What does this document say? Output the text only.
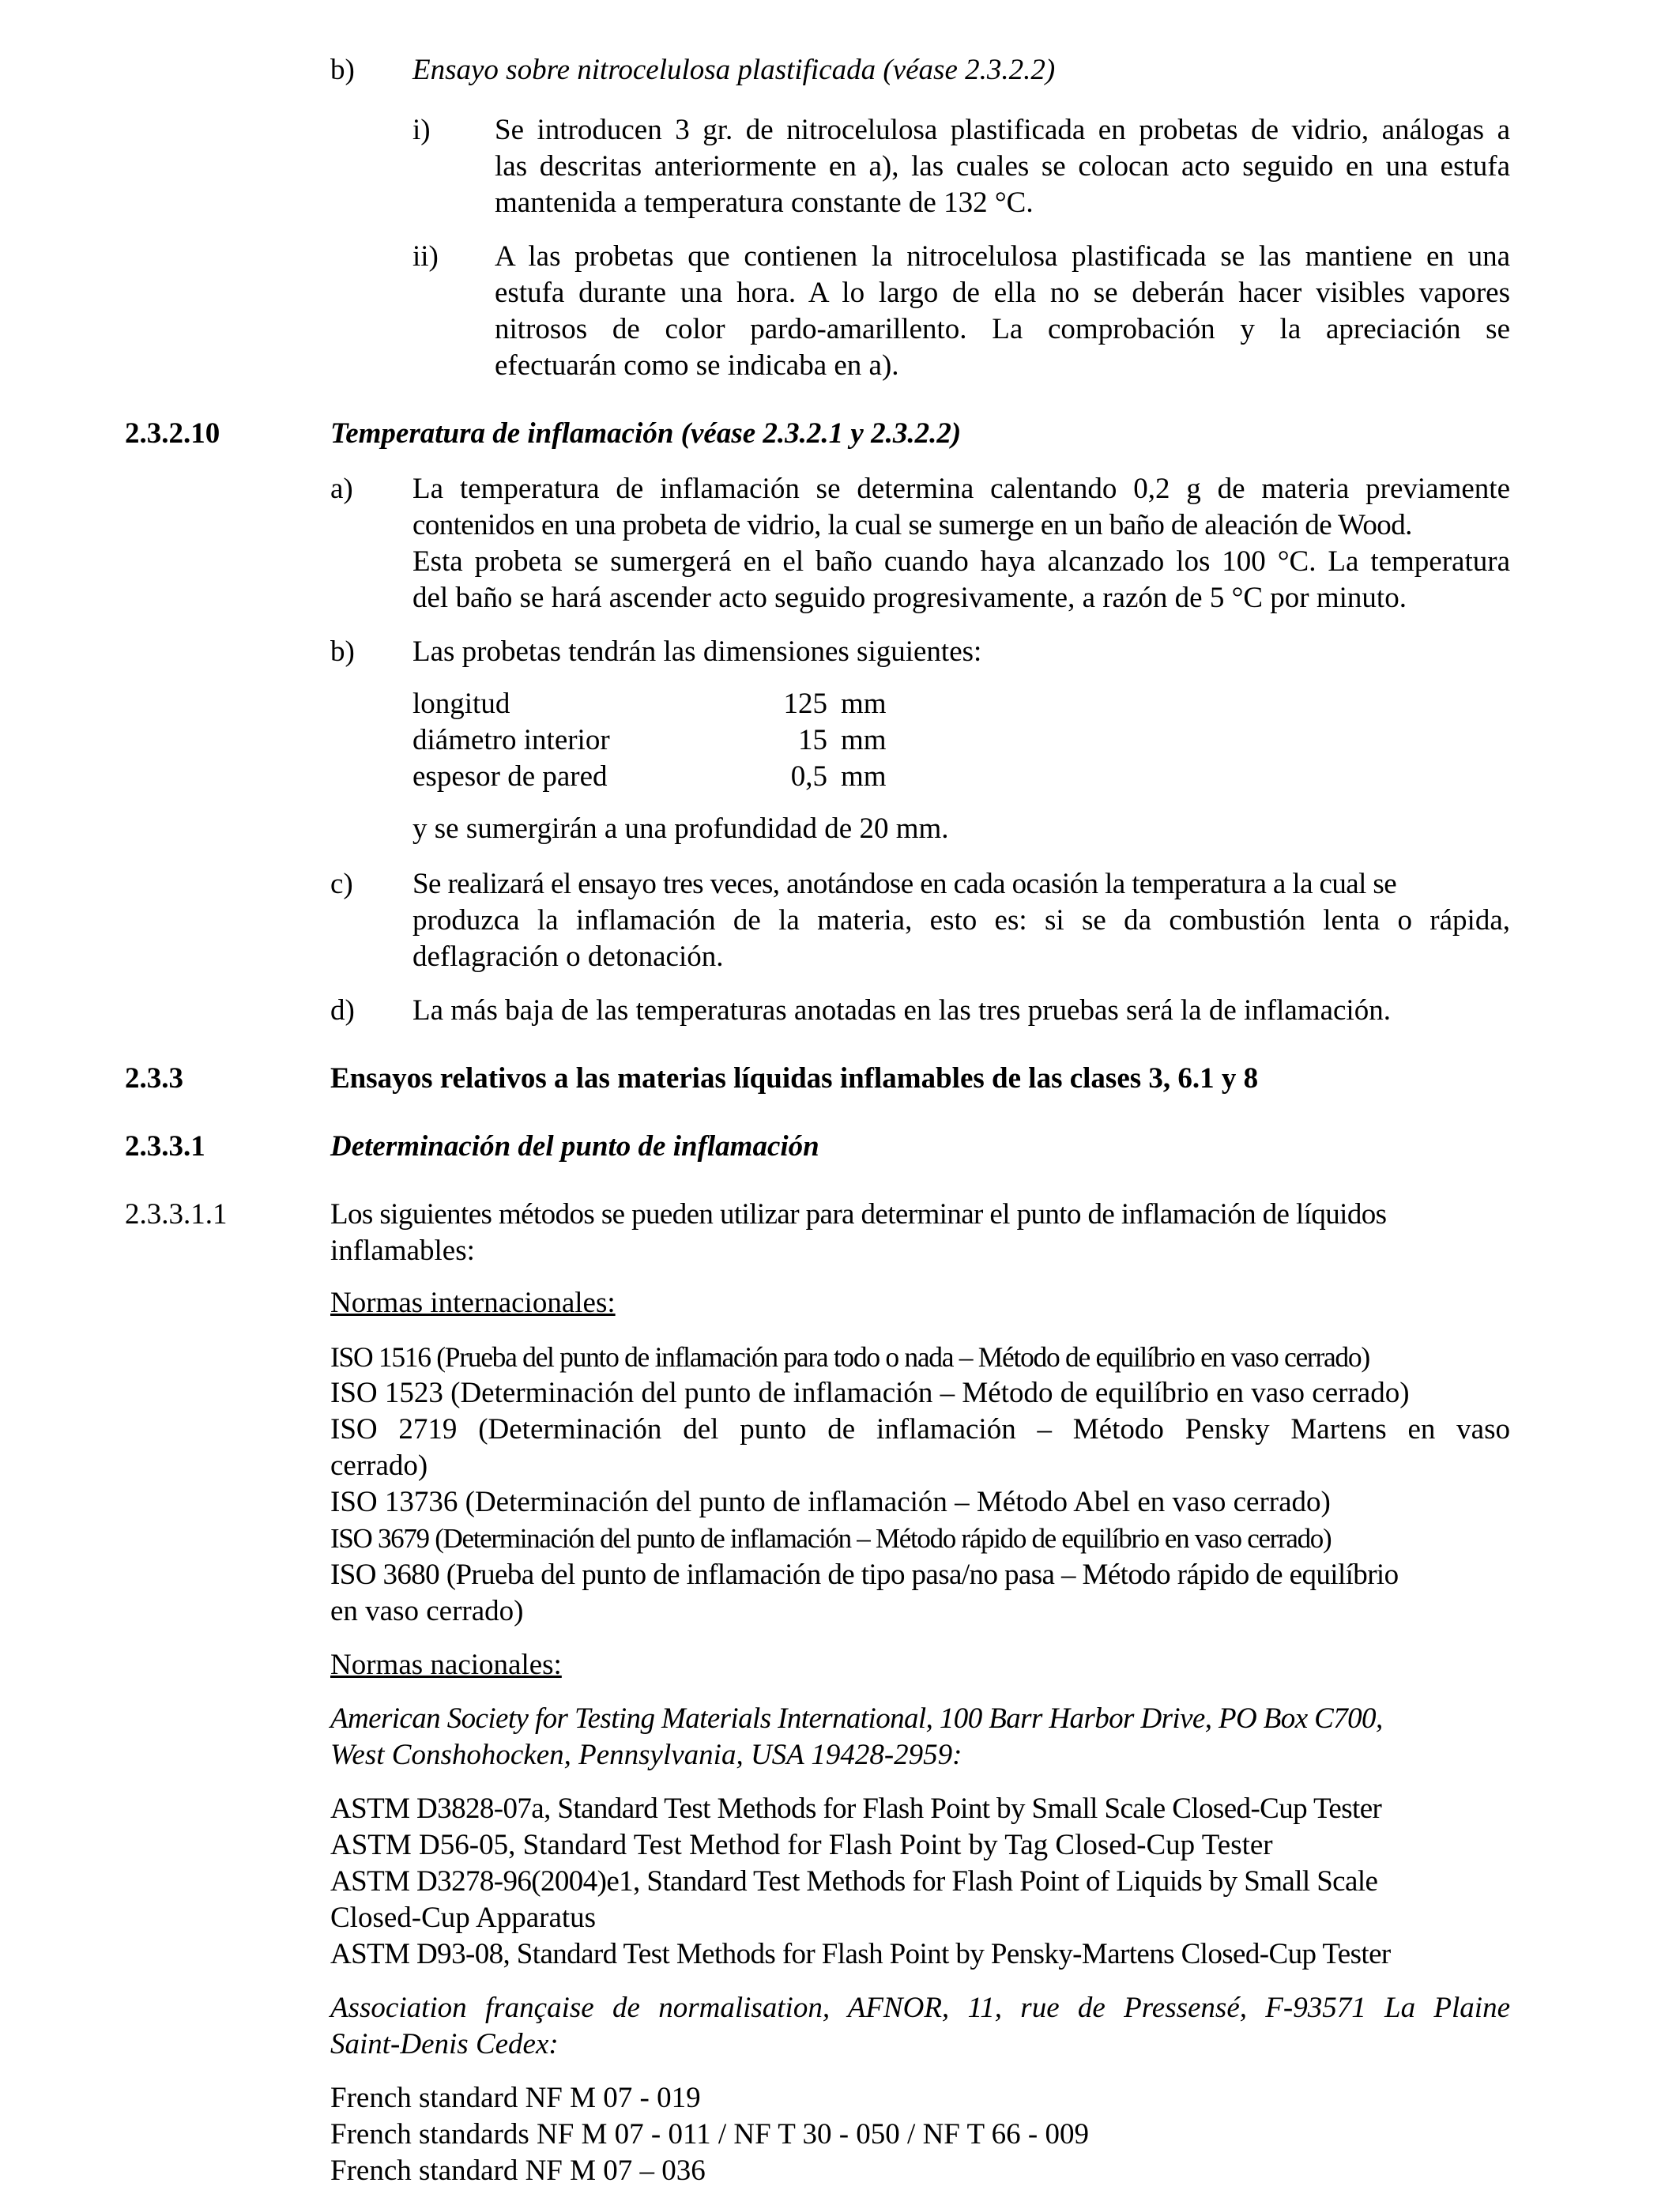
b) Ensayo sobre nitrocelulosa plastificada (véase 2.3.2.2)
i) Se introducen 3 gr. de nitrocelulosa plastificada en probetas de vidrio, análogas a
las descritas anteriormente en a), las cuales se colocan acto seguido en una estufa
mantenida a temperatura constante de 132 °C.
ii) A las probetas que contienen la nitrocelulosa plastificada se las mantiene en una
estufa durante una hora. A lo largo de ella no se deberán hacer visibles vapores
nitrosos de color pardo-amarillento. La comprobación y la apreciación se
efectuarán como se indicaba en a).
2.3.2.10	Temperatura de inflamación (véase 2.3.2.1 y 2.3.2.2)
a) La temperatura de inflamación se determina calentando 0,2 g de materia previamente
contenidos en una probeta de vidrio, la cual se sumerge en un baño de aleación de Wood.
Esta probeta se sumergerá en el baño cuando haya alcanzado los 100 °C. La temperatura
del baño se hará ascender acto seguido progresivamente, a razón de 5 °C por minuto.
b) Las probetas tendrán las dimensiones siguientes:
longitud	125 mm
diámetro interior	15 mm
espesor de pared	0,5 mm
y se sumergirán a una profundidad de 20 mm.
c) Se realizará el ensayo tres veces, anotándose en cada ocasión la temperatura a la cual se
produzca la inflamación de la materia, esto es: si se da combustión lenta o rápida,
deflagración o detonación.
d) La más baja de las temperaturas anotadas en las tres pruebas será la de inflamación.
2.3.3	Ensayos relativos a las materias líquidas inflamables de las clases 3, 6.1 y 8
2.3.3.1	Determinación del punto de inflamación
2.3.3.1.1	Los siguientes métodos se pueden utilizar para determinar el punto de inflamación de líquidos
inflamables:
Normas internacionales:
ISO 1516 (Prueba del punto de inflamación para todo o nada – Método de equilíbrio en vaso cerrado)
ISO 1523 (Determinación del punto de inflamación – Método de equilíbrio en vaso cerrado)
ISO 2719 (Determinación del punto de inflamación – Método Pensky Martens en vaso
cerrado)
ISO 13736 (Determinación del punto de inflamación – Método Abel en vaso cerrado)
ISO 3679 (Determinación del punto de inflamación – Método rápido de equilíbrio en vaso cerrado)
ISO 3680 (Prueba del punto de inflamación de tipo pasa/no pasa – Método rápido de equilíbrio
en vaso cerrado)
Normas nacionales:
American Society for Testing Materials International, 100 Barr Harbor Drive, PO Box C700,
West Conshohocken, Pennsylvania, USA 19428-2959:
ASTM D3828-07a, Standard Test Methods for Flash Point by Small Scale Closed-Cup Tester
ASTM D56-05, Standard Test Method for Flash Point by Tag Closed-Cup Tester
ASTM D3278-96(2004)e1, Standard Test Methods for Flash Point of Liquids by Small Scale
Closed-Cup Apparatus
ASTM D93-08, Standard Test Methods for Flash Point by Pensky-Martens Closed-Cup Tester
Association française de normalisation, AFNOR, 11, rue de Pressensé, F-93571 La Plaine
Saint-Denis Cedex:
French standard NF M 07 - 019
French standards NF M 07 - 011 / NF T 30 - 050 / NF T 66 - 009
French standard NF M 07 – 036
